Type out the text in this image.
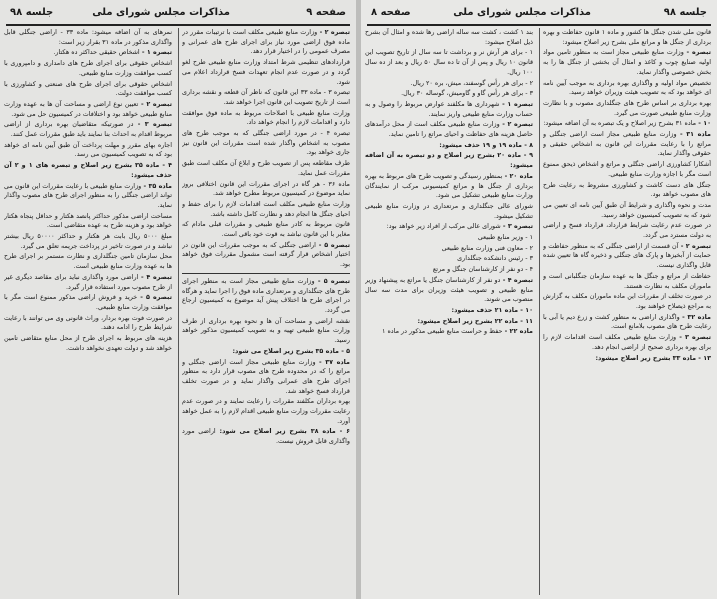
صفحه ۹
مذاکرات مجلس شورای ملی
جلسه ۹۸

تبصره ۲ - وزارت منابع طبیعی مکلف است با ترتیبات مقرر در ماده فوق اراضی مورد نیاز برای اجرای طرح های عمرانی و مصرف عمومی را در اختیار قرار دهد.

قراردادهای تنظیمی شرط امتداد وزارت منابع طبیعی طرح لغو گردد و در صورت عدم انجام تعهدات فسخ قرارداد اعلام می شود.

تبصره ۳ - ماده ۳۳ این قانون که ناظر آن قطعه و نقشه برداری است از تاریخ تصویب این قانون اجرا خواهد شد.

وزارت منابع طبیعی با اصلاحات مربوط به ماده فوق موافقت دارد و اقدامات لازم را انجام خواهد داد.

تبصره ۴ - در مورد اراضی جنگلی که به موجب طرح های مصوب به اشخاص واگذار شده است مقررات این قانون نیز جاری خواهد بود.

طرف مقاطعه پس از تصویب طرح و ابلاغ آن مکلف است طبق مقررات عمل نماید.

ماده ۳۶ - هر گاه در اجرای مقررات این قانون اختلافی بروز نماید موضوع در کمیسیون مربوط مطرح خواهد شد.

وزارت منابع طبیعی مکلف است اقدامات لازم را برای حفظ و احیای جنگل ها انجام دهد و نظارت کامل داشته باشد.

قانون مربوط به کادر منابع طبیعی و مقررات قبلی مادام که مغایر با این قانون نباشد به قوت خود باقی است.

تبصره ۵ - اراضی جنگلی که به موجب مقررات این قانون در اختیار اشخاص قرار گرفته است مشمول مقررات فوق خواهد بود.

تبصره ۵ - وزارت منابع طبیعی مجاز است به منظور اجرای طرح های جنگلداری و مرتعداری ماده فوق را اجرا نماید و هرگاه در اجرای طرح ها اختلاف پیش آید موضوع به کمیسیون ارجاع می گردد.

نقشه اراضی و مساحت آن ها و نحوه بهره برداری از طرف وزارت منابع طبیعی تهیه و به تصویب کمیسیون مذکور خواهد رسید.

۵ - ماده ۳۵ بشرح زیر اصلاح می شود:

ماده ۳۷ - وزارت منابع طبیعی مجاز است اراضی جنگلی و مراتع را که در محدوده طرح های مصوب قرار دارد به منظور اجرای طرح های عمرانی واگذار نماید و در صورت تخلف قرارداد فسخ خواهد شد.

بهره برداران مکلفند مقررات را رعایت نمایند و در صورت عدم رعایت مقررات وزارت منابع طبیعی اقدام لازم را به عمل خواهد آورد.

۶ - ماده ۳۸ بشرح زیر اصلاح می شود: اراضی مورد واگذاری قابل فروش نیست.

نمرهای به آن اضافه میشود: ماده ۳۳ - اراضی جنگلی قابل واگذاری مذکور در ماده ۳۱ بقرار زیر است:

تبصره ۱ - اشخاص حقیقی حداکثر ده هکتار.

اشخاص حقوقی برای اجرای طرح های دامداری و دامپروری با کسب موافقت وزارت منابع طبیعی.

اشخاص حقوقی برای اجرای طرح های صنعتی و کشاورزی با کسب موافقت دولت.

تبصره ۲ - تعیین نوع اراضی و مساحت آن ها به عهده وزارت منابع طبیعی خواهد بود و اختلافات در کمیسیون حل می شود.

تبصره ۳ - در صورتیکه متقاضیان بهره برداری از اراضی مربوط اقدام به احداث بنا نمایند باید طبق مقررات عمل کنند.

اجاره بهای مقرر و مهلت پرداخت آن طبق آیین نامه ای خواهد بود که به تصویب کمیسیون می رسد.

۴ - ماده ۳۵ بشرح زیر اصلاح و تبصره های ۱ و ۲ آن حذف میشود:

ماده ۳۵ - وزارت منابع طبیعی با رعایت مقررات این قانون می تواند اراضی جنگلی را به منظور اجرای طرح های مصوب واگذار نماید.

مساحت اراضی مذکور حداکثر پانصد هکتار و حداقل پنجاه هکتار خواهد بود و هزینه طرح به عهده متقاضی است.

مبلغ ۵۰۰۰ ریال بابت هر هکتار و حداکثر ۵۰۰۰۰ ریال بیشتر نباشد و در صورت تاخیر در پرداخت جریمه تعلق می گیرد.

محل سازمان تامین جنگلداری و نظارت مستمر بر اجرای طرح ها به عهده وزارت منابع طبیعی است.

تبصره ۴ - اراضی مورد واگذاری نباید برای مقاصد دیگری غیر از طرح مصوب مورد استفاده قرار گیرد.

تبصره ۵ - خرید و فروش اراضی مذکور ممنوع است مگر با موافقت وزارت منابع طبیعی.

در صورت فوت بهره بردار، وراث قانونی وی می توانند با رعایت شرایط طرح را ادامه دهند.

هزینه های مربوط به اجرای طرح از محل منابع متقاضی تامین خواهد شد و دولت تعهدی نخواهد داشت.

جلسه ۹۸
مذاکرات مجلس شورای ملی
صفحه ۸

قانون ملی شدن جنگل ها کشور و ماده ۱ قانون حفاظت و بهره برداری از جنگل ها و مراتع ملی بشرح زیر اصلاح میشود:

تبصره - وزارت منابع طبیعی مجاز است به منظور تامین مواد اولیه صنایع چوب و کاغذ و امثال آن بخشی از جنگل ها را به بخش خصوصی واگذار نماید.

تخصیص مواد اولیه و واگذاری بهره برداری به موجب آیین نامه ای خواهد بود که به تصویب هیئت وزیران خواهد رسید.

بهره برداری بر اساس طرح های جنگلداری مصوب و با نظارت وزارت منابع طبیعی صورت می گیرد.

۱۰ - ماده ۳۱ بشرح زیر اصلاح و یک تبصره به آن اضافه میشود:

ماده ۳۱ - وزارت منابع طبیعی مجاز است اراضی جنگلی و مراتع را با رعایت مقررات این قانون به اشخاص حقیقی و حقوقی واگذار نماید.

آشکارا کشاورزی اراضی جنگلی و مراتع و اشخاص ذیحق ممنوع است مگر با اجازه وزارت منابع طبیعی.

جنگل های دست کاشت و کشاورزی مشروط به رعایت طرح های مصوب خواهد بود.

مدت و نحوه واگذاری و شرایط آن طبق آیین نامه ای تعیین می شود که به تصویب کمیسیون خواهد رسید.

در صورت عدم رعایت شرایط قرارداد، قرارداد فسخ و اراضی به دولت مسترد می گردد.

تبصره ۲ - آن قسمت از اراضی جنگلی که به منظور حفاظت و حمایت از آبخیزها و پارک های جنگلی و ذخیره گاه ها تعیین شده قابل واگذاری نیست.

حفاظت از مراتع و جنگل ها به عهده سازمان جنگلبانی است و ماموران مکلف به نظارت هستند.

در صورت تخلف از مقررات این ماده ماموران مکلف به گزارش به مراجع ذیصلاح خواهند بود.

ماده ۳۲ - واگذاری اراضی به منظور کشت و زرع دیم یا آبی با رعایت طرح های مصوب بلامانع است.

تبصره ۳ - وزارت منابع طبیعی مکلف است اقدامات لازم را برای بهره برداری صحیح از اراضی انجام دهد.

۱۳ - ماده ۳۳ بشرح زیر اصلاح میشود:

بند ۱ کشت ، کشت سه ساله اراضی رها شده و امثال آن بشرح ذیل اصلاح میشود:

۱ - برای هر آرش نر و برداشت تا سه سال از تاریخ تصویب این قانون ۱۰ ریال و پس از آن تا ده سال ۵۰ ریال و بعد از ده سال ۱۰۰ ریال.

۲ - برای هر رأس گوسفند، میش، بره ۲۰ ریال.

۳ - برای هر رأس گاو و گاومیش، گوساله ۳۰ ریال.

تبصره ۱ - شهرداری ها مکلفند عوارض مربوط را وصول و به حساب وزارت منابع طبیعی واریز نمایند.

تبصره ۲ - وزارت منابع طبیعی مکلف است از محل درآمدهای حاصل هزینه های حفاظت و احیای مراتع را تامین نماید.

۸ - ماده ۱۹ و ۱۹ حذف میشود:

۹ - ماده ۲۰ بشرح زیر اصلاح و دو تبصره به آن اضافه میشود:

ماده ۲۰ - بمنظور رسیدگی و تصویب طرح های مربوط به بهره برداری از جنگل ها و مراتع کمیسیونی مرکب از نمایندگان وزارت منابع طبیعی تشکیل می شود.

شورای عالی جنگلداری و مرتعداری در وزارت منابع طبیعی تشکیل میشود.

تبصره ۳ - شورای عالی مرکب از افراد زیر خواهد بود:

۱ - وزیر منابع طبیعی

۲ - معاون فنی وزارت منابع طبیعی

۳ - رئیس دانشکده جنگلداری

۴ - دو نفر از کارشناسان جنگل و مرتع

تبصره ۴ - دو نفر از کارشناسان جنگل یا مراتع به پیشنهاد وزیر منابع طبیعی و تصویب هیئت وزیران برای مدت سه سال منصوب می شوند.

۱۰ - ماده ۲۱ حذف میشود:

۱۱ - ماده ۲۲ بشرح زیر اصلاح میشود:

ماده ۲۲ - حفظ و حراست منابع طبیعی مذکور در ماده ۱
